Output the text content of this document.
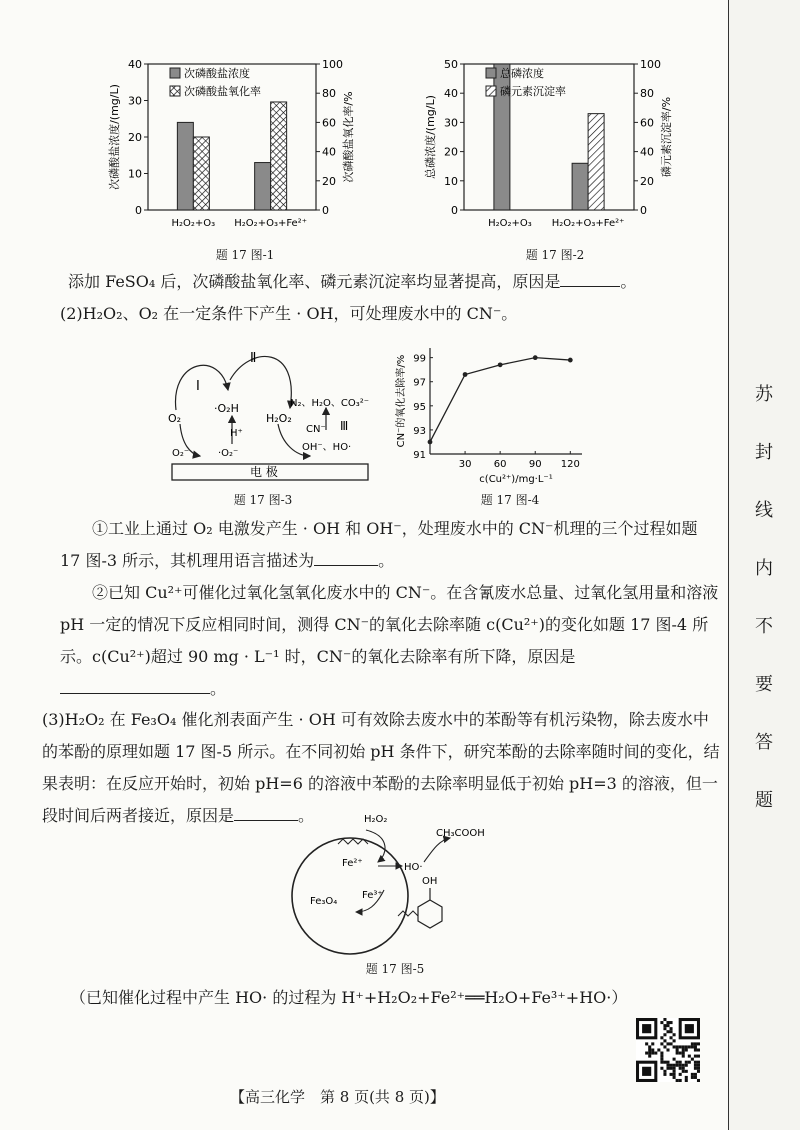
0
10
20
30
40
0
20
40
60
80
100
次磷酸盐浓度/(mg/L)	次磷酸盐氧化率/%
H₂O₂+O₃ H₂O₂+O₃+Fe²⁺
次磷酸盐浓度
次磷酸盐氧化率
题 17 图-1
0
10
20
30
40
50
0
20
40
60
80
100
总磷浓度/(mg/L)	磷元素沉淀率/%
H₂O₂+O₃ H₂O₂+O₃+Fe²⁺
总磷浓度
磷元素沉淀率
题 17 图-2
添加 FeSO₄ 后，次磷酸盐氧化率、磷元素沉淀率均显著提高，原因是	。
(2)H₂O₂、O₂ 在一定条件下产生 · OH，可处理废水中的 CN⁻。
电 极
Ⅰ
Ⅱ
Ⅲ
O₂
·O₂H
H⁺
O₂⁻	·O₂⁻
H₂O₂
N₂、H₂O、CO₃²⁻
CN⁻
OH⁻、HO·
题 17 图-3
91
93
95
97
99
30 60 90 120
c(Cu²⁺)/mg·L⁻¹
CN⁻的氧化去除率/%
题 17 图-4
①工业上通过 O₂ 电激发产生 · OH 和 OH⁻，处理废水中的 CN⁻机理的三个过程如题 17 图-3 所示，其机理用语言描述为	。
②已知 Cu²⁺可催化过氧化氢氧化废水中的 CN⁻。在含氰废水总量、过氧化氢用量和溶液 pH 一定的情况下反应相同时间，测得 CN⁻的氧化去除率随 c(Cu²⁺)的变化如题 17 图-4 所示。c(Cu²⁺)超过 90 mg · L⁻¹ 时，CN⁻的氧化去除率有所下降，原因是。
(3)H₂O₂ 在 Fe₃O₄ 催化剂表面产生 · OH 可有效除去废水中的苯酚等有机污染物，除去废水中的苯酚的原理如题 17 图-5 所示。在不同初始 pH 条件下，研究苯酚的去除率随时间的变化，结果表明：在反应开始时，初始 pH=6 的溶液中苯酚的去除率明显低于初始 pH=3 的溶液，但一段时间后两者接近，原因是	。	H₂O₂
Fe²⁺
Fe₃O₄
Fe³⁺
HO·
CH₃COOH
OH
题 17 图-5
（已知催化过程中产生 HO· 的过程为 H⁺+H₂O₂+Fe²⁺══H₂O+Fe³⁺+HO·）
【高三化学　第 8 页(共 8 页)】
苏
封
线
内
不
要
答
题
